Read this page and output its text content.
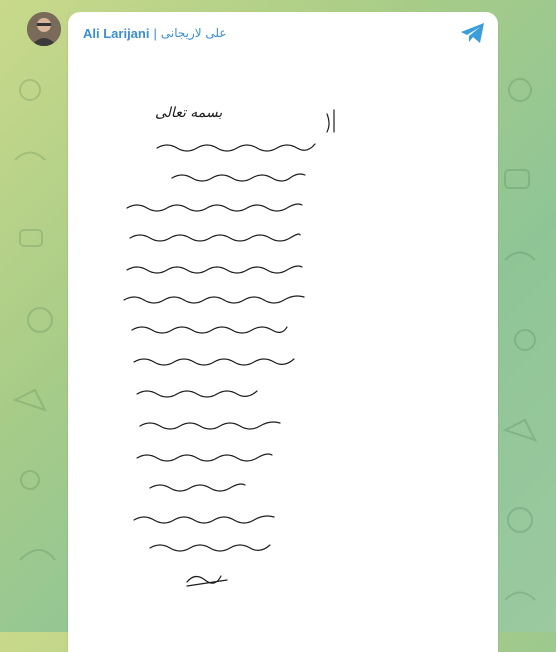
Ali Larijani | علی لاریجانی
بسمه تعالی
